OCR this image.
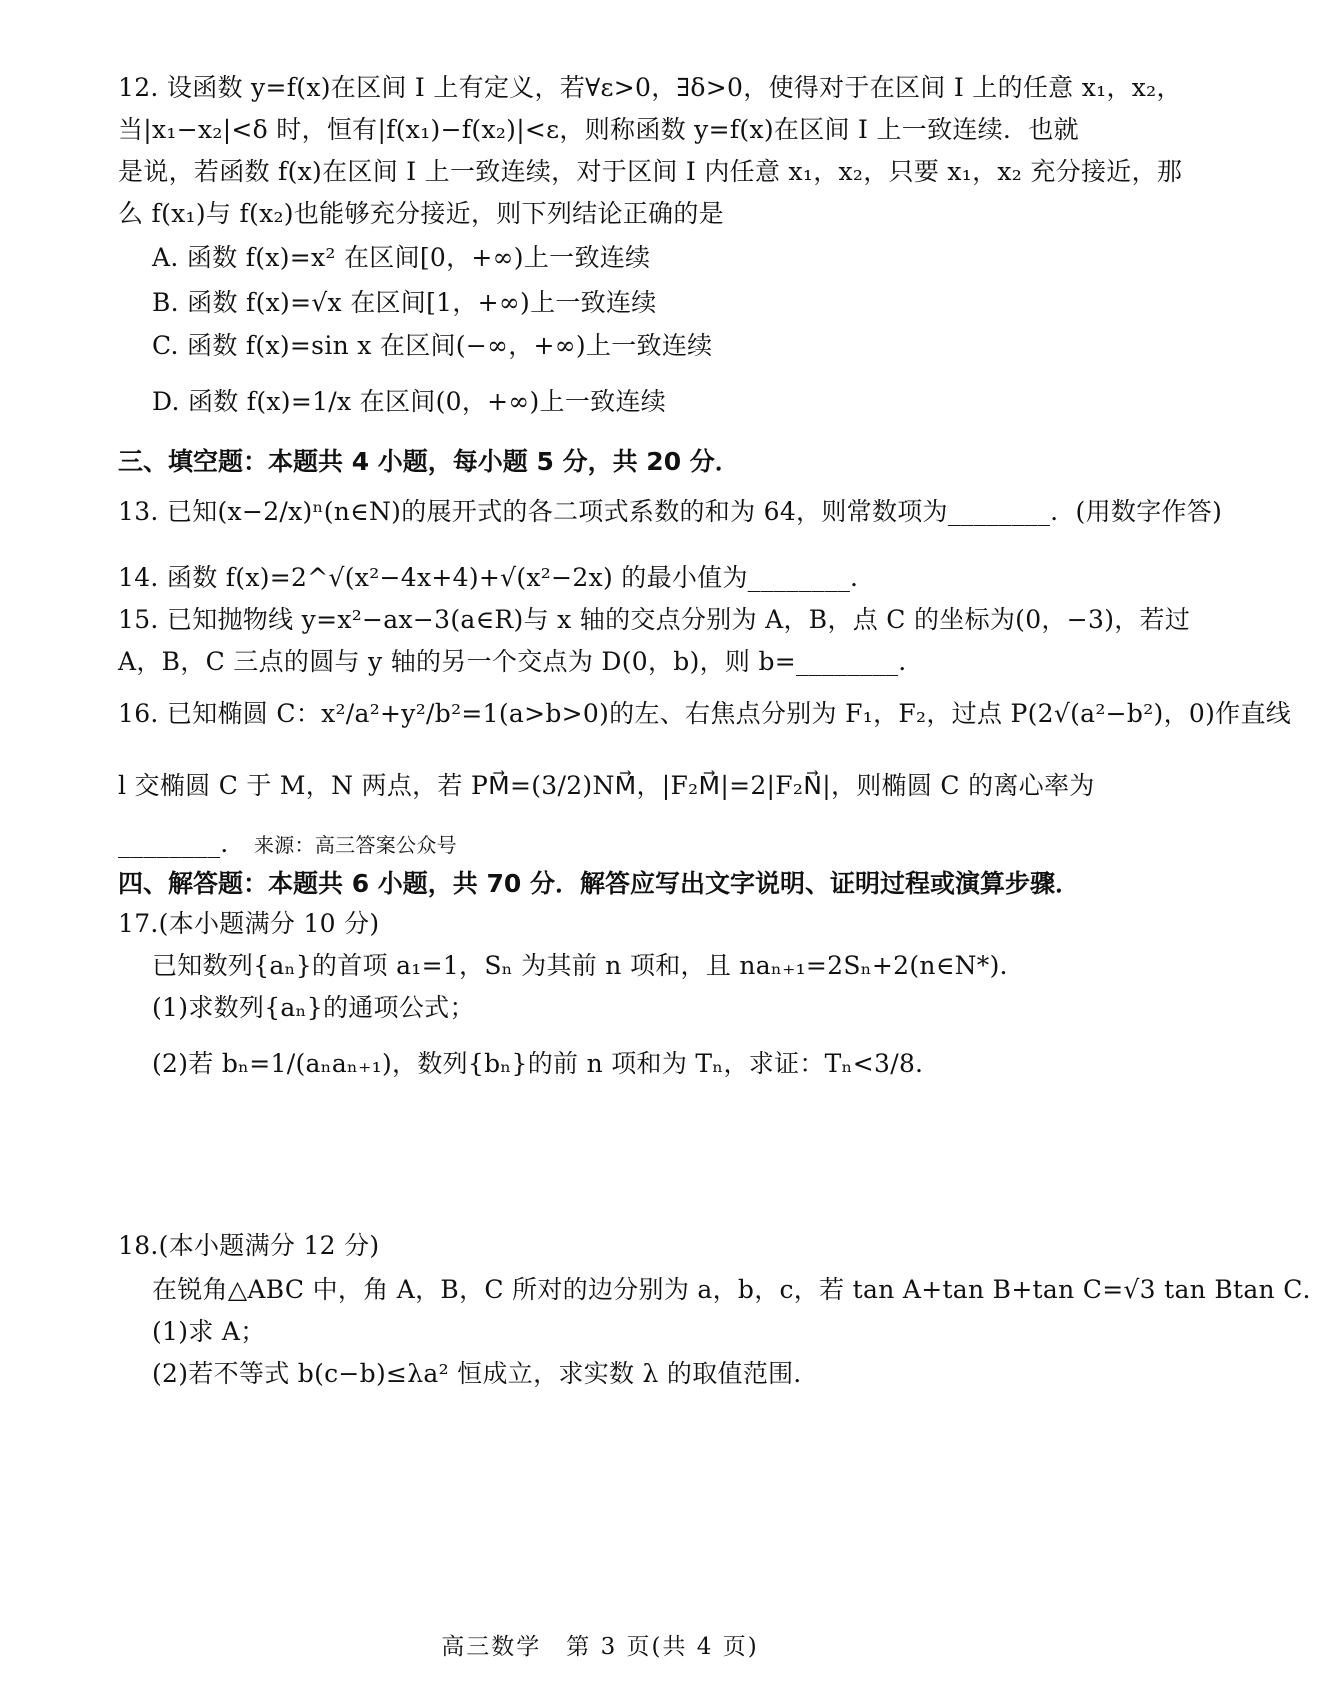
12. 设函数 y=f(x)在区间 I 上有定义，若∀ε>0，∃δ>0，使得对于在区间 I 上的任意 x₁，x₂，
当|x₁−x₂|<δ 时，恒有|f(x₁)−f(x₂)|<ε，则称函数 y=f(x)在区间 I 上一致连续．也就
是说，若函数 f(x)在区间 I 上一致连续，对于区间 I 内任意 x₁，x₂，只要 x₁，x₂ 充分接近，那
么 f(x₁)与 f(x₂)也能够充分接近，则下列结论正确的是
A. 函数 f(x)=x² 在区间[0，+∞)上一致连续
B. 函数 f(x)=√x 在区间[1，+∞)上一致连续
C. 函数 f(x)=sin x 在区间(−∞，+∞)上一致连续
D. 函数 f(x)=1/x 在区间(0，+∞)上一致连续
三、填空题：本题共 4 小题，每小题 5 分，共 20 分．
13. 已知(x−2/x)ⁿ(n∈N)的展开式的各二项式系数的和为 64，则常数项为________．(用数字作答)
14. 函数 f(x)=2^√(x²−4x+4)+√(x²−2x) 的最小值为________．
15. 已知抛物线 y=x²−ax−3(a∈R)与 x 轴的交点分别为 A，B，点 C 的坐标为(0，−3)，若过
A，B，C 三点的圆与 y 轴的另一个交点为 D(0，b)，则 b=________．
16. 已知椭圆 C：x²/a²+y²/b²=1(a>b>0)的左、右焦点分别为 F₁，F₂，过点 P(2√(a²−b²)，0)作直线
l 交椭圆 C 于 M，N 两点，若 PM⃗=(3/2)NM⃗，|F₂M⃗|=2|F₂N⃗|，则椭圆 C 的离心率为
________． 来源：高三答案公众号
四、解答题：本题共 6 小题，共 70 分．解答应写出文字说明、证明过程或演算步骤．
17.(本小题满分 10 分)
已知数列{aₙ}的首项 a₁=1，Sₙ 为其前 n 项和，且 naₙ₊₁=2Sₙ+2(n∈N*)．
(1)求数列{aₙ}的通项公式；
(2)若 bₙ=1/(aₙaₙ₊₁)，数列{bₙ}的前 n 项和为 Tₙ，求证：Tₙ<3/8．
18.(本小题满分 12 分)
在锐角△ABC 中，角 A，B，C 所对的边分别为 a，b，c，若 tan A+tan B+tan C=√3 tan Btan C．
(1)求 A；
(2)若不等式 b(c−b)≤λa² 恒成立，求实数 λ 的取值范围．
高三数学　第 3 页(共 4 页)
